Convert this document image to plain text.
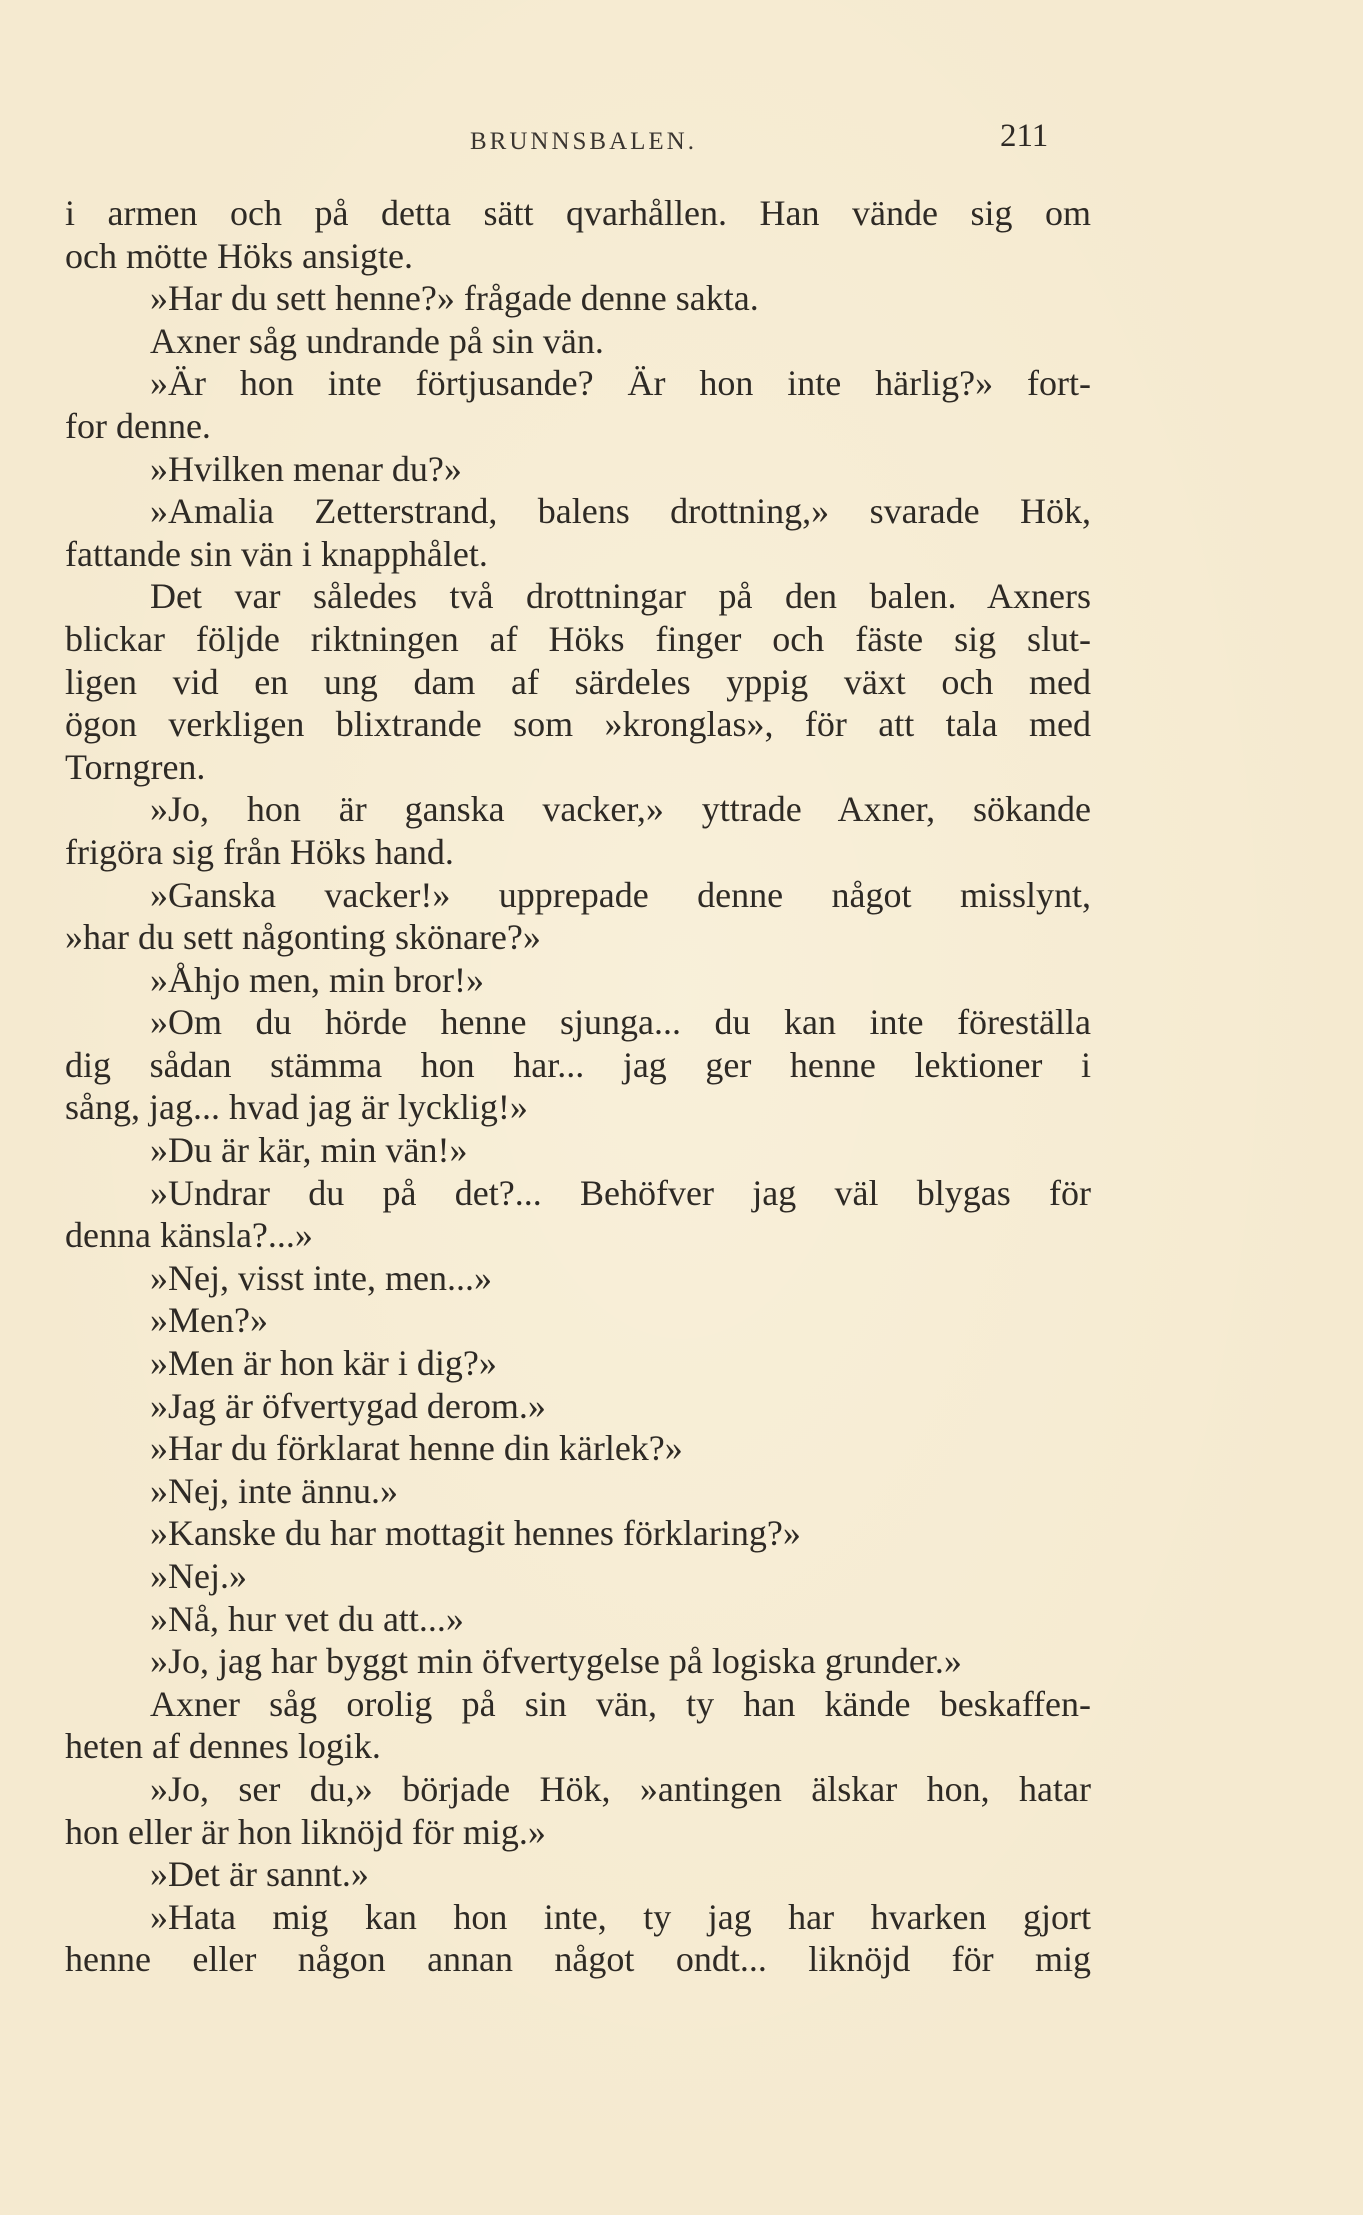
BRUNNSBALEN.	211
i armen och på detta sätt qvarhållen. Han vände sig om
och mötte Höks ansigte.
»Har du sett henne?» frågade denne sakta.
Axner såg undrande på sin vän.
»Är hon inte förtjusande? Är hon inte härlig?» fort-
for denne.
»Hvilken menar du?»
»Amalia Zetterstrand, balens drottning,» svarade Hök,
fattande sin vän i knapphålet.
Det var således två drottningar på den balen. Axners
blickar följde riktningen af Höks finger och fäste sig slut-
ligen vid en ung dam af särdeles yppig växt och med
ögon verkligen blixtrande som »kronglas», för att tala med
Torngren.
»Jo, hon är ganska vacker,» yttrade Axner, sökande
frigöra sig från Höks hand.
»Ganska vacker!» upprepade denne något misslynt,
»har du sett någonting skönare?»
»Åhjo men, min bror!»
»Om du hörde henne sjunga... du kan inte föreställa
dig sådan stämma hon har... jag ger henne lektioner i
sång, jag... hvad jag är lycklig!»
»Du är kär, min vän!»
»Undrar du på det?... Behöfver jag väl blygas för
denna känsla?...»
»Nej, visst inte, men...»
»Men?»
»Men är hon kär i dig?»
»Jag är öfvertygad derom.»
»Har du förklarat henne din kärlek?»
»Nej, inte ännu.»
»Kanske du har mottagit hennes förklaring?»
»Nej.»
»Nå, hur vet du att...»
»Jo, jag har byggt min öfvertygelse på logiska grunder.»
Axner såg orolig på sin vän, ty han kände beskaffen-
heten af dennes logik.
»Jo, ser du,» började Hök, »antingen älskar hon, hatar
hon eller är hon liknöjd för mig.»
»Det är sannt.»
»Hata mig kan hon inte, ty jag har hvarken gjort
henne eller någon annan något ondt... liknöjd för mig
